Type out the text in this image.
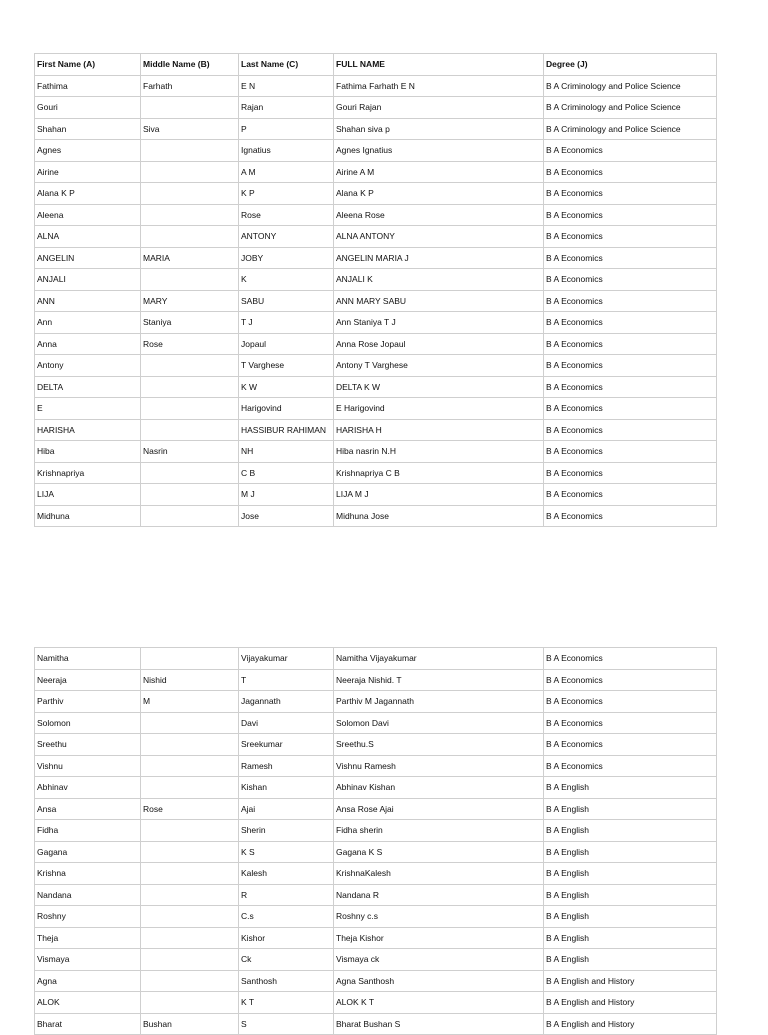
First Name (A)	Middle Name (B)	Last Name (C)	FULL NAME	Degree (J)
Fathima	Farhath	E N	Fathima Farhath E N	B A Criminology and Police Science
Gouri		Rajan	Gouri Rajan	B A Criminology and Police Science
Shahan	Siva	P	Shahan siva p	B A Criminology and Police Science
Agnes		Ignatius	Agnes Ignatius	B A Economics
Airine		A M	Airine A M	B A Economics
Alana K P		K P	Alana K P	B A Economics
Aleena		Rose	Aleena Rose	B A Economics
ALNA		ANTONY	ALNA ANTONY	B A Economics
ANGELIN	MARIA	JOBY	ANGELIN MARIA J	B A Economics
ANJALI		K	ANJALI K	B A Economics
ANN	MARY	SABU	ANN MARY SABU	B A Economics
Ann	Staniya	T J	Ann Staniya T J	B A Economics
Anna	Rose	Jopaul	Anna Rose Jopaul	B A Economics
Antony		T Varghese	Antony T Varghese	B A Economics
DELTA		K W	DELTA K W	B A Economics
E		Harigovind	E Harigovind	B A Economics
HARISHA		HASSIBUR RAHIMAN	HARISHA H	B A Economics
Hiba	Nasrin	NH	Hiba nasrin N.H	B A Economics
Krishnapriya		C B	Krishnapriya C B	B A Economics
LIJA		M J	LIJA M J	B A Economics
Midhuna		Jose	Midhuna Jose	B A Economics
Namitha		Vijayakumar	Namitha Vijayakumar	B A Economics
Neeraja	Nishid	T	Neeraja Nishid. T	B A Economics
Parthiv	M	Jagannath	Parthiv M Jagannath	B A Economics
Solomon		Davi	Solomon Davi	B A Economics
Sreethu		Sreekumar	Sreethu.S	B A Economics
Vishnu		Ramesh	Vishnu Ramesh	B A Economics
Abhinav		Kishan	Abhinav Kishan	B A English
Ansa	Rose	Ajai	Ansa Rose Ajai	B A English
Fidha		Sherin	Fidha sherin	B A English
Gagana		K S	Gagana K S	B A English
Krishna		Kalesh	KrishnaKalesh	B A English
Nandana		R	Nandana R	B A English
Roshny		C.s	Roshny c.s	B A English
Theja		Kishor	Theja Kishor	B A English
Vismaya		Ck	Vismaya ck	B A English
Agna		Santhosh	Agna Santhosh	B A English and History
ALOK		K T	ALOK K T	B A English and History
Bharat	Bushan	S	Bharat Bushan S	B A English and History
